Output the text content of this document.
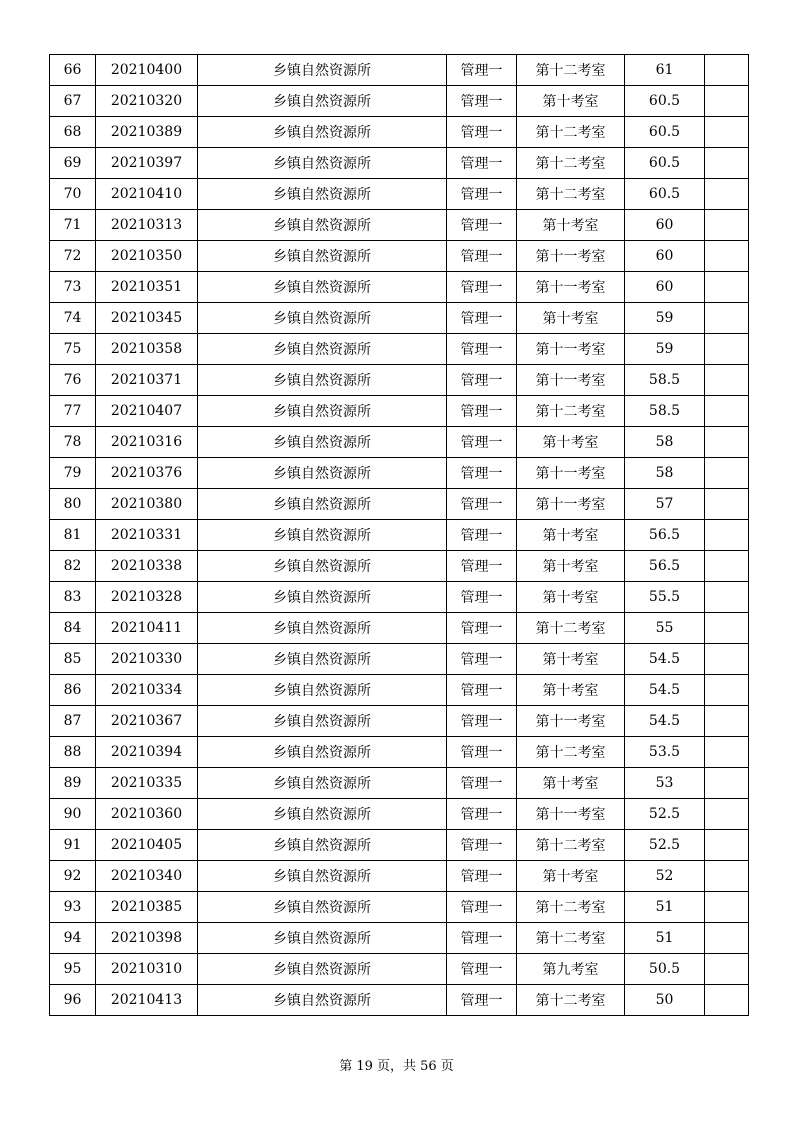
66	20210400	乡镇自然资源所	管理一	第十二考室	61	
67	20210320	乡镇自然资源所	管理一	第十考室	60.5	
68	20210389	乡镇自然资源所	管理一	第十二考室	60.5	
69	20210397	乡镇自然资源所	管理一	第十二考室	60.5	
70	20210410	乡镇自然资源所	管理一	第十二考室	60.5	
71	20210313	乡镇自然资源所	管理一	第十考室	60	
72	20210350	乡镇自然资源所	管理一	第十一考室	60	
73	20210351	乡镇自然资源所	管理一	第十一考室	60	
74	20210345	乡镇自然资源所	管理一	第十考室	59	
75	20210358	乡镇自然资源所	管理一	第十一考室	59	
76	20210371	乡镇自然资源所	管理一	第十一考室	58.5	
77	20210407	乡镇自然资源所	管理一	第十二考室	58.5	
78	20210316	乡镇自然资源所	管理一	第十考室	58	
79	20210376	乡镇自然资源所	管理一	第十一考室	58	
80	20210380	乡镇自然资源所	管理一	第十一考室	57	
81	20210331	乡镇自然资源所	管理一	第十考室	56.5	
82	20210338	乡镇自然资源所	管理一	第十考室	56.5	
83	20210328	乡镇自然资源所	管理一	第十考室	55.5	
84	20210411	乡镇自然资源所	管理一	第十二考室	55	
85	20210330	乡镇自然资源所	管理一	第十考室	54.5	
86	20210334	乡镇自然资源所	管理一	第十考室	54.5	
87	20210367	乡镇自然资源所	管理一	第十一考室	54.5	
88	20210394	乡镇自然资源所	管理一	第十二考室	53.5	
89	20210335	乡镇自然资源所	管理一	第十考室	53	
90	20210360	乡镇自然资源所	管理一	第十一考室	52.5	
91	20210405	乡镇自然资源所	管理一	第十二考室	52.5	
92	20210340	乡镇自然资源所	管理一	第十考室	52	
93	20210385	乡镇自然资源所	管理一	第十二考室	51	
94	20210398	乡镇自然资源所	管理一	第十二考室	51	
95	20210310	乡镇自然资源所	管理一	第九考室	50.5	
96	20210413	乡镇自然资源所	管理一	第十二考室	50	
第 19 页，共 56 页
